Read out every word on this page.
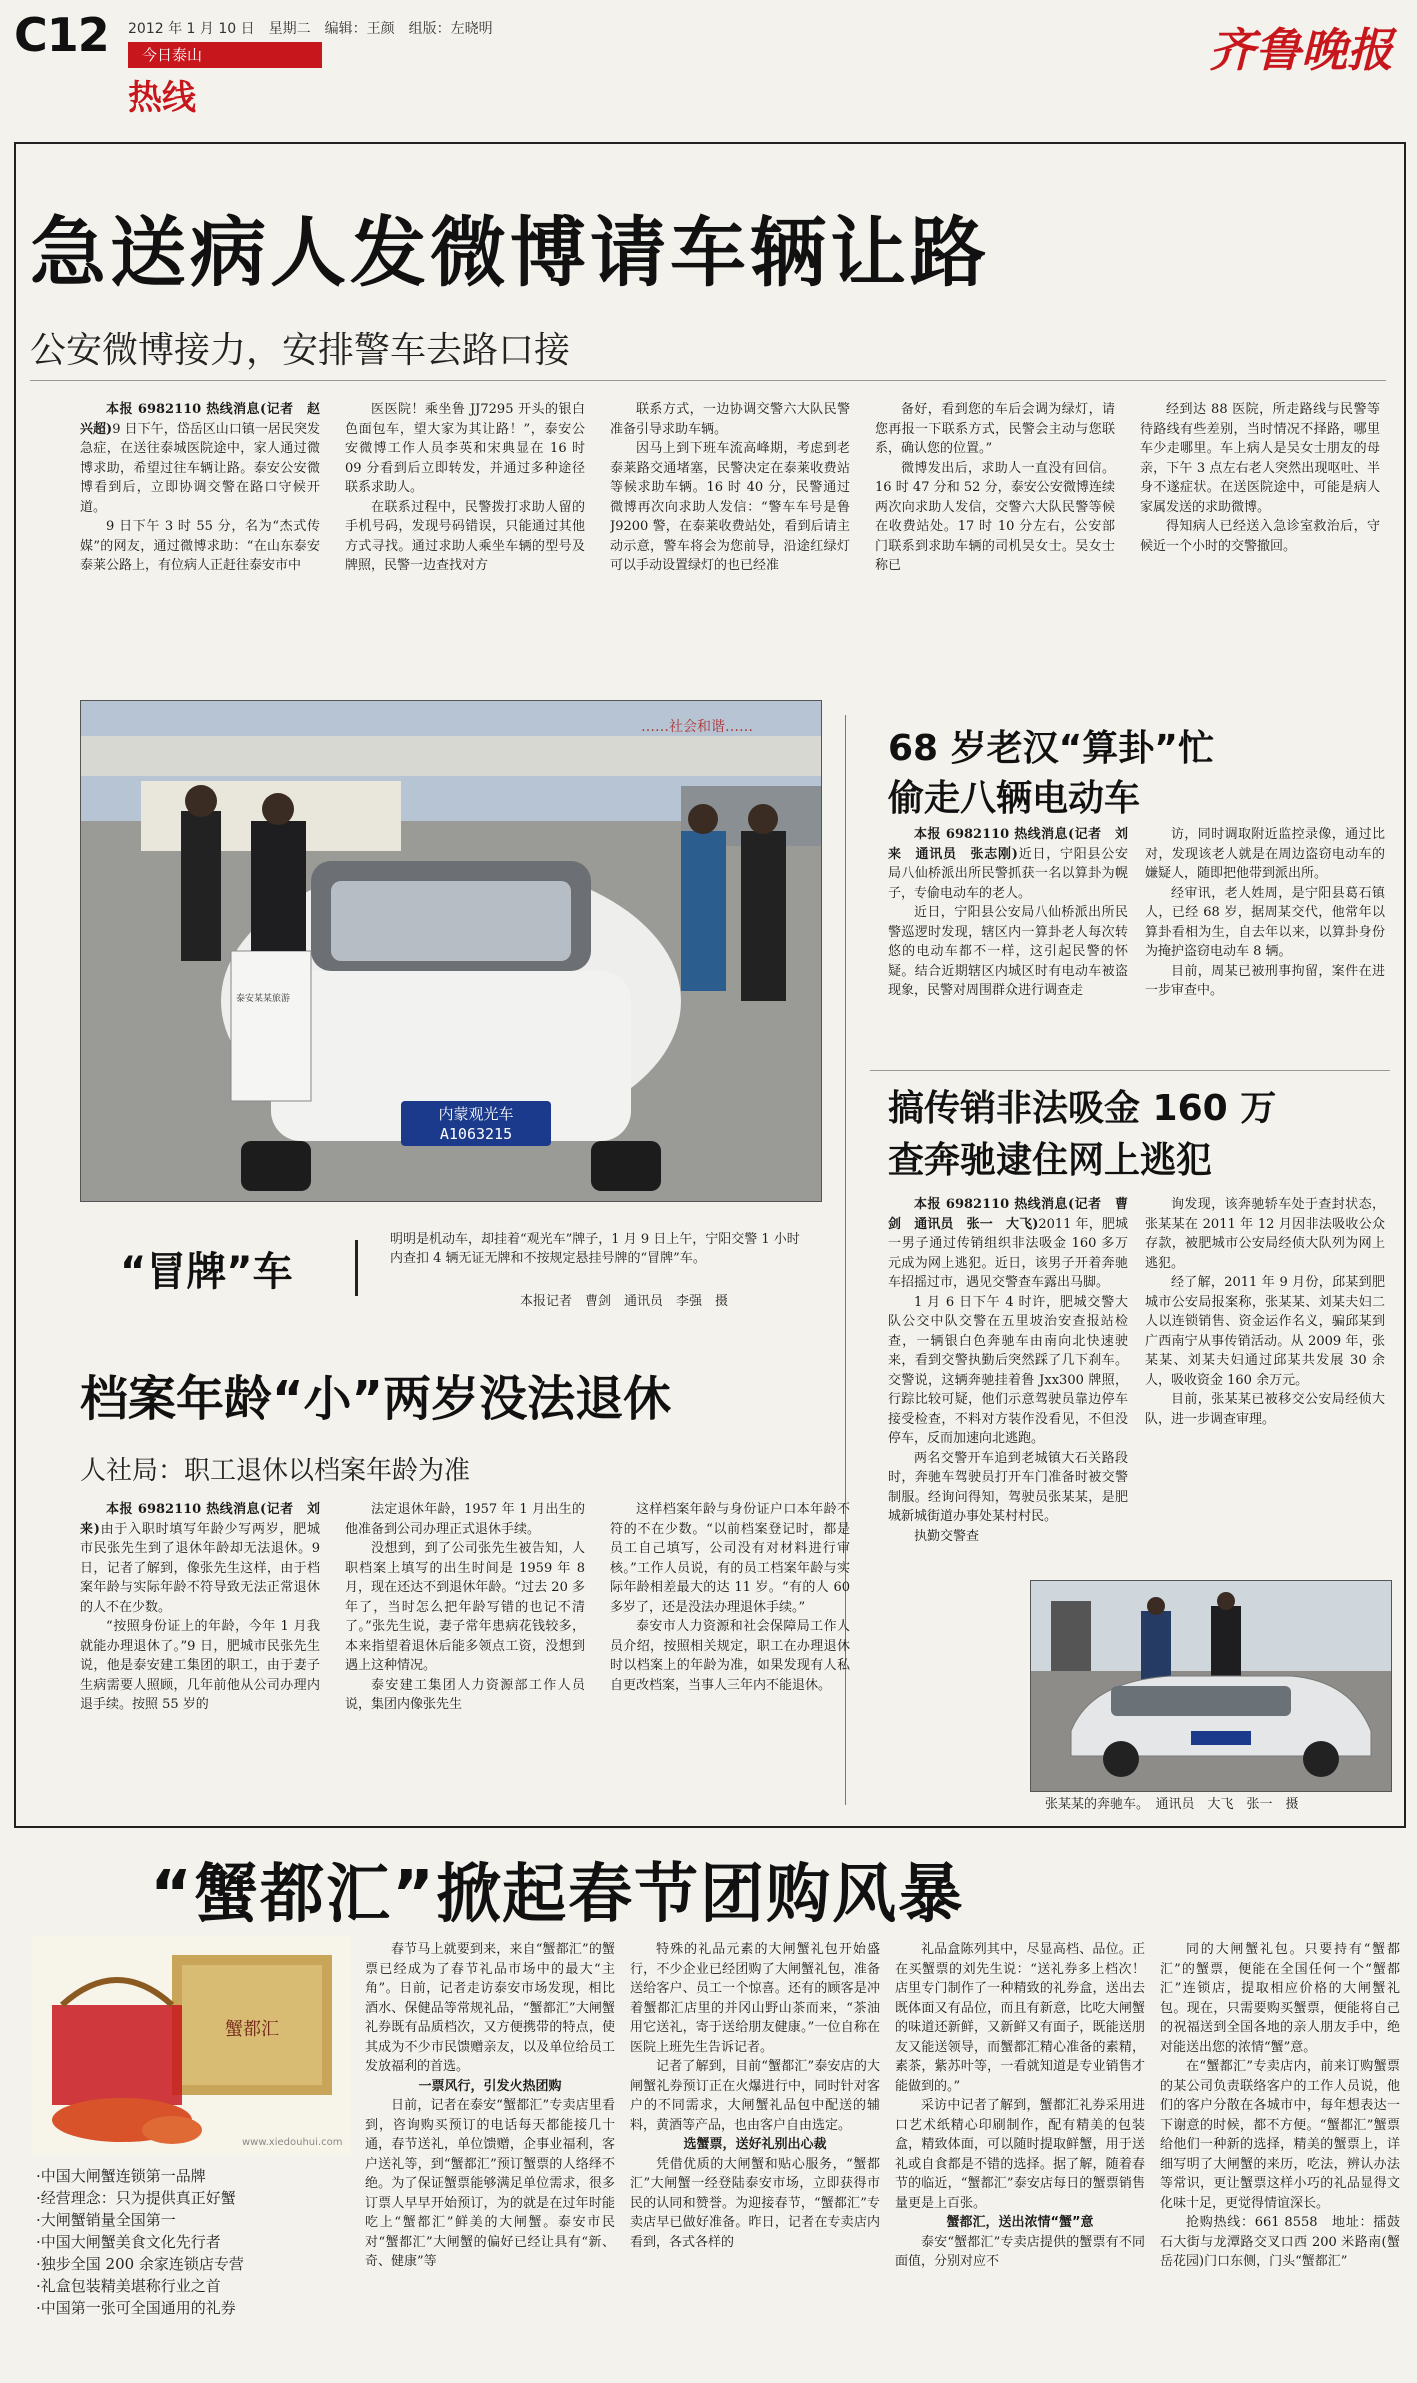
C12 2012 年 1 月 10 日　星期二　编辑：王颜　组版：左晓明
今日泰山
热线
齐鲁晚报
急送病人发微博请车辆让路
公安微博接力，安排警车去路口接

本报 6982110 热线消息(记者　赵兴超)9 日下午，岱岳区山口镇一居民突发急症，在送往泰城医院途中，家人通过微博求助，希望过往车辆让路。泰安公安微博看到后，立即协调交警在路口守候开道。

9 日下午 3 时 55 分，名为“杰式传媒”的网友，通过微博求助：“在山东泰安泰莱公路上，有位病人正赶往泰安市中

医医院！乘坐鲁 JJ7295 开头的银白色面包车，望大家为其让路！”，泰安公安微博工作人员李英和宋典显在 16 时 09 分看到后立即转发，并通过多种途径联系求助人。

在联系过程中，民警拨打求助人留的手机号码，发现号码错误，只能通过其他方式寻找。通过求助人乘坐车辆的型号及牌照，民警一边查找对方

联系方式，一边协调交警六大队民警准备引导求助车辆。

因马上到下班车流高峰期，考虑到老泰莱路交通堵塞，民警决定在泰莱收费站等候求助车辆。16 时 40 分，民警通过微博再次向求助人发信：“警车车号是鲁 J9200 警，在泰莱收费站处，看到后请主动示意，警车将会为您前导，沿途红绿灯可以手动设置绿灯的也已经准

备好，看到您的车后会调为绿灯，请您再报一下联系方式，民警会主动与您联系，确认您的位置。”

微博发出后，求助人一直没有回信。16 时 47 分和 52 分，泰安公安微博连续两次向求助人发信，交警六大队民警等候在收费站处。17 时 10 分左右，公安部门联系到求助车辆的司机吴女士。吴女士称已

经到达 88 医院，所走路线与民警等待路线有些差别，当时情况不择路，哪里车少走哪里。车上病人是吴女士朋友的母亲，下午 3 点左右老人突然出现呕吐、半身不遂症状。在送医院途中，可能是病人家属发送的求助微博。

得知病人已经送入急诊室救治后，守候近一个小时的交警撤回。

内蒙观光车
A1063215
泰安某某旅游
……社会和谐……
“冒牌”车
明明是机动车，却挂着“观光车”牌子，1 月 9 日上午，宁阳交警 1 小时内查扣 4 辆无证无牌和不按规定悬挂号牌的“冒牌”车。
本报记者　曹剑　通讯员　李强　摄
68 岁老汉“算卦”忙
偷走八辆电动车

本报 6982110 热线消息(记者　刘来　通讯员　张志刚)近日，宁阳县公安局八仙桥派出所民警抓获一名以算卦为幌子，专偷电动车的老人。

近日，宁阳县公安局八仙桥派出所民警巡逻时发现，辖区内一算卦老人每次转悠的电动车都不一样，这引起民警的怀疑。结合近期辖区内城区时有电动车被盗现象，民警对周围群众进行调查走

访，同时调取附近监控录像，通过比对，发现该老人就是在周边盗窃电动车的嫌疑人，随即把他带到派出所。

经审讯，老人姓周，是宁阳县葛石镇人，已经 68 岁，据周某交代，他常年以算卦看相为生，自去年以来，以算卦身份为掩护盗窃电动车 8 辆。

目前，周某已被刑事拘留，案件在进一步审查中。

搞传销非法吸金 160 万
查奔驰逮住网上逃犯

本报 6982110 热线消息(记者　曹剑　通讯员　张一　大飞)2011 年，肥城一男子通过传销组织非法吸金 160 多万元成为网上逃犯。近日，该男子开着奔驰车招摇过市，遇见交警查车露出马脚。

1 月 6 日下午 4 时许，肥城交警大队公交中队交警在五里坡治安查报站检查，一辆银白色奔驰车由南向北快速驶来，看到交警执勤后突然踩了几下刹车。交警说，这辆奔驰挂着鲁 Jxx300 牌照，行踪比较可疑，他们示意驾驶员靠边停车接受检查，不料对方装作没看见，不但没停车，反而加速向北逃跑。

两名交警开车追到老城镇大石关路段时，奔驰车驾驶员打开车门准备时被交警制服。经询问得知，驾驶员张某某，是肥城新城街道办事处某村村民。

执勤交警查

询发现，该奔驰轿车处于查封状态，张某某在 2011 年 12 月因非法吸收公众存款，被肥城市公安局经侦大队列为网上逃犯。

经了解，2011 年 9 月份，邱某到肥城市公安局报案称，张某某、刘某夫妇二人以连锁销售、资金运作名义，骗邱某到广西南宁从事传销活动。从 2009 年，张某某、刘某夫妇通过邱某共发展 30 余人，吸收资金 160 余万元。

目前，张某某已被移交公安局经侦大队，进一步调查审理。

张某某的奔驰车。　通讯员　大飞　张一　摄
档案年龄“小”两岁没法退休
人社局：职工退休以档案年龄为准

本报 6982110 热线消息(记者　刘来)由于入职时填写年龄少写两岁，肥城市民张先生到了退休年龄却无法退休。9 日，记者了解到，像张先生这样，由于档案年龄与实际年龄不符导致无法正常退休的人不在少数。

“按照身份证上的年龄，今年 1 月我就能办理退休了。”9 日，肥城市民张先生说，他是泰安建工集团的职工，由于妻子生病需要人照顾，几年前他从公司办理内退手续。按照 55 岁的

法定退休年龄，1957 年 1 月出生的他准备到公司办理正式退休手续。

没想到，到了公司张先生被告知，人职档案上填写的出生时间是 1959 年 8 月，现在还达不到退休年龄。“过去 20 多年了，当时怎么把年龄写错的也记不清了。”张先生说，妻子常年患病花钱较多，本来指望着退休后能多领点工资，没想到遇上这种情况。

泰安建工集团人力资源部工作人员说，集团内像张先生

这样档案年龄与身份证户口本年龄不符的不在少数。“以前档案登记时，都是员工自己填写，公司没有对材料进行审核。”工作人员说，有的员工档案年龄与实际年龄相差最大的达 11 岁。“有的人 60 多岁了，还是没法办理退休手续。”

泰安市人力资源和社会保障局工作人员介绍，按照相关规定，职工在办理退休时以档案上的年龄为准，如果发现有人私自更改档案，当事人三年内不能退休。

“蟹都汇”掀起春节团购风暴
蟹都汇
www.xiedouhui.com
·中国大闸蟹连锁第一品牌
·经营理念：只为提供真正好蟹
·大闸蟹销量全国第一
·中国大闸蟹美食文化先行者
·独步全国 200 余家连锁店专营
·礼盒包装精美堪称行业之首
·中国第一张可全国通用的礼券

春节马上就要到来，来自“蟹都汇”的蟹票已经成为了春节礼品市场中的最大“主角”。日前，记者走访泰安市场发现，相比酒水、保健品等常规礼品，“蟹都汇”大闸蟹礼券既有品质档次，又方便携带的特点，使其成为不少市民馈赠亲友，以及单位给员工发放福利的首选。

一票风行，引发火热团购

日前，记者在泰安“蟹都汇”专卖店里看到，咨询购买预订的电话每天都能接几十通，春节送礼，单位馈赠，企事业福利，客户送礼等，到“蟹都汇”预订蟹票的人络绎不绝。为了保证蟹票能够满足单位需求，很多订票人早早开始预订，为的就是在过年时能吃上“蟹都汇”鲜美的大闸蟹。泰安市民对“蟹都汇”大闸蟹的偏好已经让具有“新、奇、健康”等

特殊的礼品元素的大闸蟹礼包开始盛行，不少企业已经团购了大闸蟹礼包，准备送给客户、员工一个惊喜。还有的顾客是冲着蟹都汇店里的并冈山野山茶而来，“茶油用它送礼，寄于送给朋友健康。”一位自称在医院上班先生告诉记者。

记者了解到，目前“蟹都汇”泰安店的大闸蟹礼券预订正在火爆进行中，同时针对客户的不同需求，大闸蟹礼品包中配送的辅料，黄酒等产品，也由客户自由选定。

选蟹票，送好礼别出心裁

凭借优质的大闸蟹和贴心服务，“蟹都汇”大闸蟹一经登陆泰安市场，立即获得市民的认同和赞誉。为迎接春节，“蟹都汇”专卖店早已做好准备。昨日，记者在专卖店内看到，各式各样的

礼品盒陈列其中，尽显高档、品位。正在买蟹票的刘先生说：“送礼券多上档次！店里专门制作了一种精致的礼券盒，送出去既体面又有品位，而且有新意，比吃大闸蟹的味道还新鲜，又新鲜又有面子，既能送朋友又能送领导，而蟹都汇精心准备的素精，素茶，紫苏叶等，一看就知道是专业销售才能做到的。”

采访中记者了解到，蟹都汇礼券采用进口艺术纸精心印刷制作，配有精美的包装盒，精致体面，可以随时提取鲜蟹，用于送礼或自食都是不错的选择。据了解，随着春节的临近，“蟹都汇”泰安店每日的蟹票销售量更是上百张。

蟹都汇，送出浓情“蟹”意

泰安“蟹都汇”专卖店提供的蟹票有不同面值，分别对应不

同的大闸蟹礼包。只要持有“蟹都汇”的蟹票，便能在全国任何一个“蟹都汇”连锁店，提取相应价格的大闸蟹礼包。现在，只需要购买蟹票，便能将自己的祝福送到全国各地的亲人朋友手中，绝对能送出您的浓情“蟹”意。

在“蟹都汇”专卖店内，前来订购蟹票的某公司负责联络客户的工作人员说，他们的客户分散在各城市中，每年想表达一下谢意的时候，都不方便。“蟹都汇”蟹票给他们一种新的选择，精美的蟹票上，详细写明了大闸蟹的来历，吃法，辨认办法等常识，更让蟹票这样小巧的礼品显得文化味十足，更觉得情谊深长。

抢购热线：661 8558　地址：擂鼓石大街与龙潭路交叉口西 200 米路南(蟹岳花园)门口东侧，门头“蟹都汇”
